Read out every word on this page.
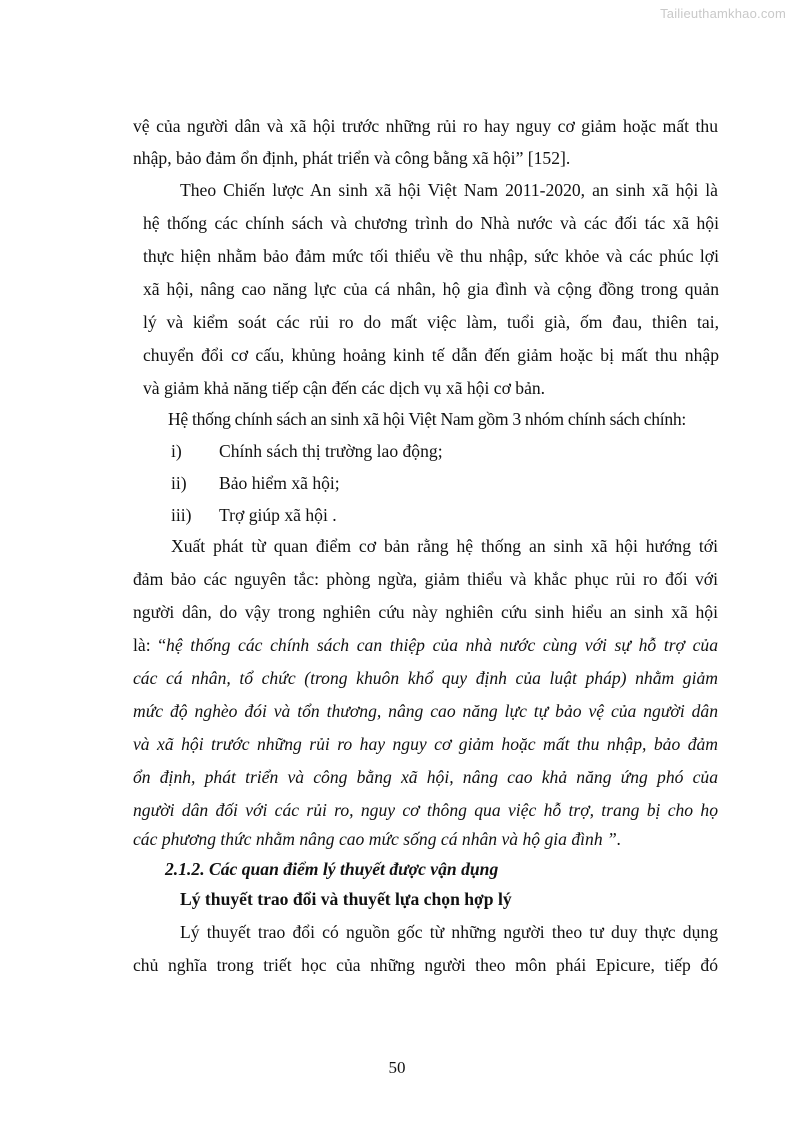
Tailieuthamkhao.com

vệ của người dân và xã hội trước những rủi ro hay nguy cơ giảm hoặc mất thu

nhập, bảo đảm ổn định, phát triển và công bằng xã hội” [152].

Theo Chiến lược An sinh xã hội Việt Nam 2011-2020, an sinh xã hội là

hệ thống các chính sách và chương trình do Nhà nước và các đối tác xã hội

thực hiện nhằm bảo đảm mức tối thiểu về thu nhập, sức khỏe và các phúc lợi

xã hội, nâng cao năng lực của cá nhân, hộ gia đình và cộng đồng trong quản

lý và kiểm soát các rủi ro do mất việc làm, tuổi già, ốm đau, thiên tai,

chuyển đổi cơ cấu, khủng hoảng kinh tế dẫn đến giảm hoặc bị mất thu nhập

và giảm khả năng tiếp cận đến các dịch vụ xã hội cơ bản.

Hệ thống chính sách an sinh xã hội Việt Nam gồm 3 nhóm chính sách chính:

i) Chính sách thị trường lao động;
ii) Bảo hiểm xã hội;
iii) Trợ giúp xã hội .

Xuất phát từ quan điểm cơ bản rằng hệ thống an sinh xã hội hướng tới

đảm bảo các nguyên tắc: phòng ngừa, giảm thiểu và khắc phục rủi ro đối với

người dân, do vậy trong nghiên cứu này nghiên cứu sinh hiểu an sinh xã hội

là: “hệ thống các chính sách can thiệp của nhà nước cùng với sự hỗ trợ của

các cá nhân, tổ chức (trong khuôn khổ quy định của luật pháp) nhằm giảm

mức độ nghèo đói và tổn thương, nâng cao năng lực tự bảo vệ của người dân

và xã hội trước những rủi ro hay nguy cơ giảm hoặc mất thu nhập, bảo đảm

ổn định, phát triển và công bằng xã hội, nâng cao khả năng ứng phó của

người dân đối với các rủi ro, nguy cơ thông qua việc hỗ trợ, trang bị cho họ

các phương thức nhằm nâng cao mức sống cá nhân và hộ gia đình ”.

2.1.2. Các quan điểm lý thuyết được vận dụng

Lý thuyết trao đổi và thuyết lựa chọn hợp lý

Lý thuyết trao đổi có nguồn gốc từ những người theo tư duy thực dụng

chủ nghĩa trong triết học của những người theo môn phái Epicure, tiếp đó

50
